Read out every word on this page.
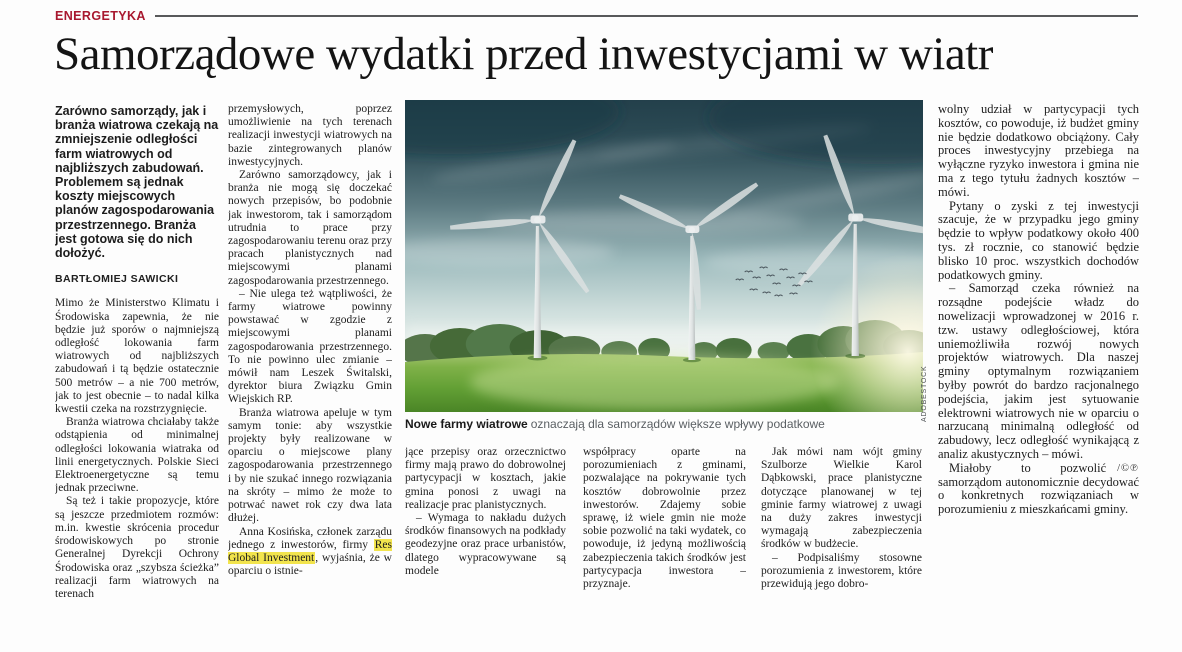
ENERGETYKA
Samorządowe wydatki przed inwestycjami w wiatr

Zarówno samorządy, jak i branża wiatrowa czekają na zmniejszenie odległości farm wiatrowych od najbliższych zabudowań. Problemem są jednak koszty miejscowych planów zagospodarowania przestrzennego. Branża jest gotowa się do nich dołożyć.

BARTŁOMIEJ SAWICKI

Mimo że Ministerstwo Klimatu i Środowiska zapewnia, że nie będzie już sporów o najmniejszą odległość lokowania farm wiatrowych od najbliższych zabudowań i tą będzie ostatecznie 500 metrów – a nie 700 metrów, jak to jest obecnie – to nadal kilka kwestii czeka na rozstrzygnięcie.

Branża wiatrowa chciałaby także odstąpienia od minimalnej odległości lokowania wiatraka od linii energetycznych. Polskie Sieci Elektroenergetyczne są temu jednak przeciwne.

Są też i takie propozycje, które są jeszcze przedmiotem rozmów: m.in. kwestie skrócenia procedur środowiskowych po stronie Generalnej Dyrekcji Ochrony Środowiska oraz „szybsza ścieżka” realizacji farm wiatrowych na terenach

przemysłowych, poprzez umożliwienie na tych terenach realizacji inwestycji wiatrowych na bazie zintegrowanych planów inwestycyjnych.

Zarówno samorządowcy, jak i branża nie mogą się doczekać nowych przepisów, bo podobnie jak inwestorom, tak i samorządom utrudnia to prace przy zagospodarowaniu terenu oraz przy pracach planistycznych nad miejscowymi planami zagospodarowania przestrzennego.

– Nie ulega też wątpliwości, że farmy wiatrowe powinny powstawać w zgodzie z miejscowymi planami zagospodarowania przestrzennego. To nie powinno ulec zmianie – mówił nam Leszek Świtalski, dyrektor biura Związku Gmin Wiejskich RP.

Branża wiatrowa apeluje w tym samym tonie: aby wszystkie projekty były realizowane w oparciu o miejscowe plany zagospodarowania przestrzennego i by nie szukać innego rozwiązania na skróty – mimo że może to potrwać nawet rok czy dwa lata dłużej.

Anna Kosińska, członek zarządu jednego z inwestorów, firmy Res Global Investment, wyjaśnia, że w oparciu o istnie-

ADOBESTOCK
Nowe farmy wiatrowe oznaczają dla samorządów większe wpływy podatkowe

jące przepisy oraz orzecznictwo firmy mają prawo do dobrowolnej partycypacji w kosztach, jakie gmina ponosi z uwagi na realizacje prac planistycznych.

– Wymaga to nakładu dużych środków finansowych na podkłady geodezyjne oraz prace urbanistów, dlatego wypracowywane są modele

współpracy oparte na porozumieniach z gminami, pozwalające na pokrywanie tych kosztów dobrowolnie przez inwestorów. Zdajemy sobie sprawę, iż wiele gmin nie może sobie pozwolić na taki wydatek, co powoduje, iż jedyną możliwością zabezpieczenia takich środków jest partycypacja inwestora – przyznaje.

Jak mówi nam wójt gminy Szulborze Wielkie Karol Dąbkowski, prace planistyczne dotyczące planowanej w tej gminie farmy wiatrowej z uwagi na duży zakres inwestycji wymagają zabezpieczenia środków w budżecie.

– Podpisaliśmy stosowne porozumienia z inwestorem, które przewidują jego dobro-

wolny udział w partycypacji tych kosztów, co powoduje, iż budżet gminy nie będzie dodatkowo obciążony. Cały proces inwestycyjny przebiega na wyłączne ryzyko inwestora i gmina nie ma z tego tytułu żadnych kosztów – mówi.

Pytany o zyski z tej inwestycji szacuje, że w przypadku jego gminy będzie to wpływ podatkowy około 400 tys. zł rocznie, co stanowić będzie blisko 10 proc. wszystkich dochodów podatkowych gminy.

– Samorząd czeka również na rozsądne podejście władz do nowelizacji wprowadzonej w 2016 r. tzw. ustawy odległościowej, która uniemożliwiła rozwój nowych projektów wiatrowych. Dla naszej gminy optymalnym rozwiązaniem byłby powrót do bardzo racjonalnego podejścia, jakim jest sytuowanie elektrowni wiatrowych nie w oparciu o narzucaną minimalną odległość od zabudowy, lecz odległość wynikającą z analiz akustycznych – mówi.

/©℗
Miałoby to pozwolić samorządom autonomicznie decydować o konkretnych rozwiązaniach w porozumieniu z mieszkańcami gminy.
